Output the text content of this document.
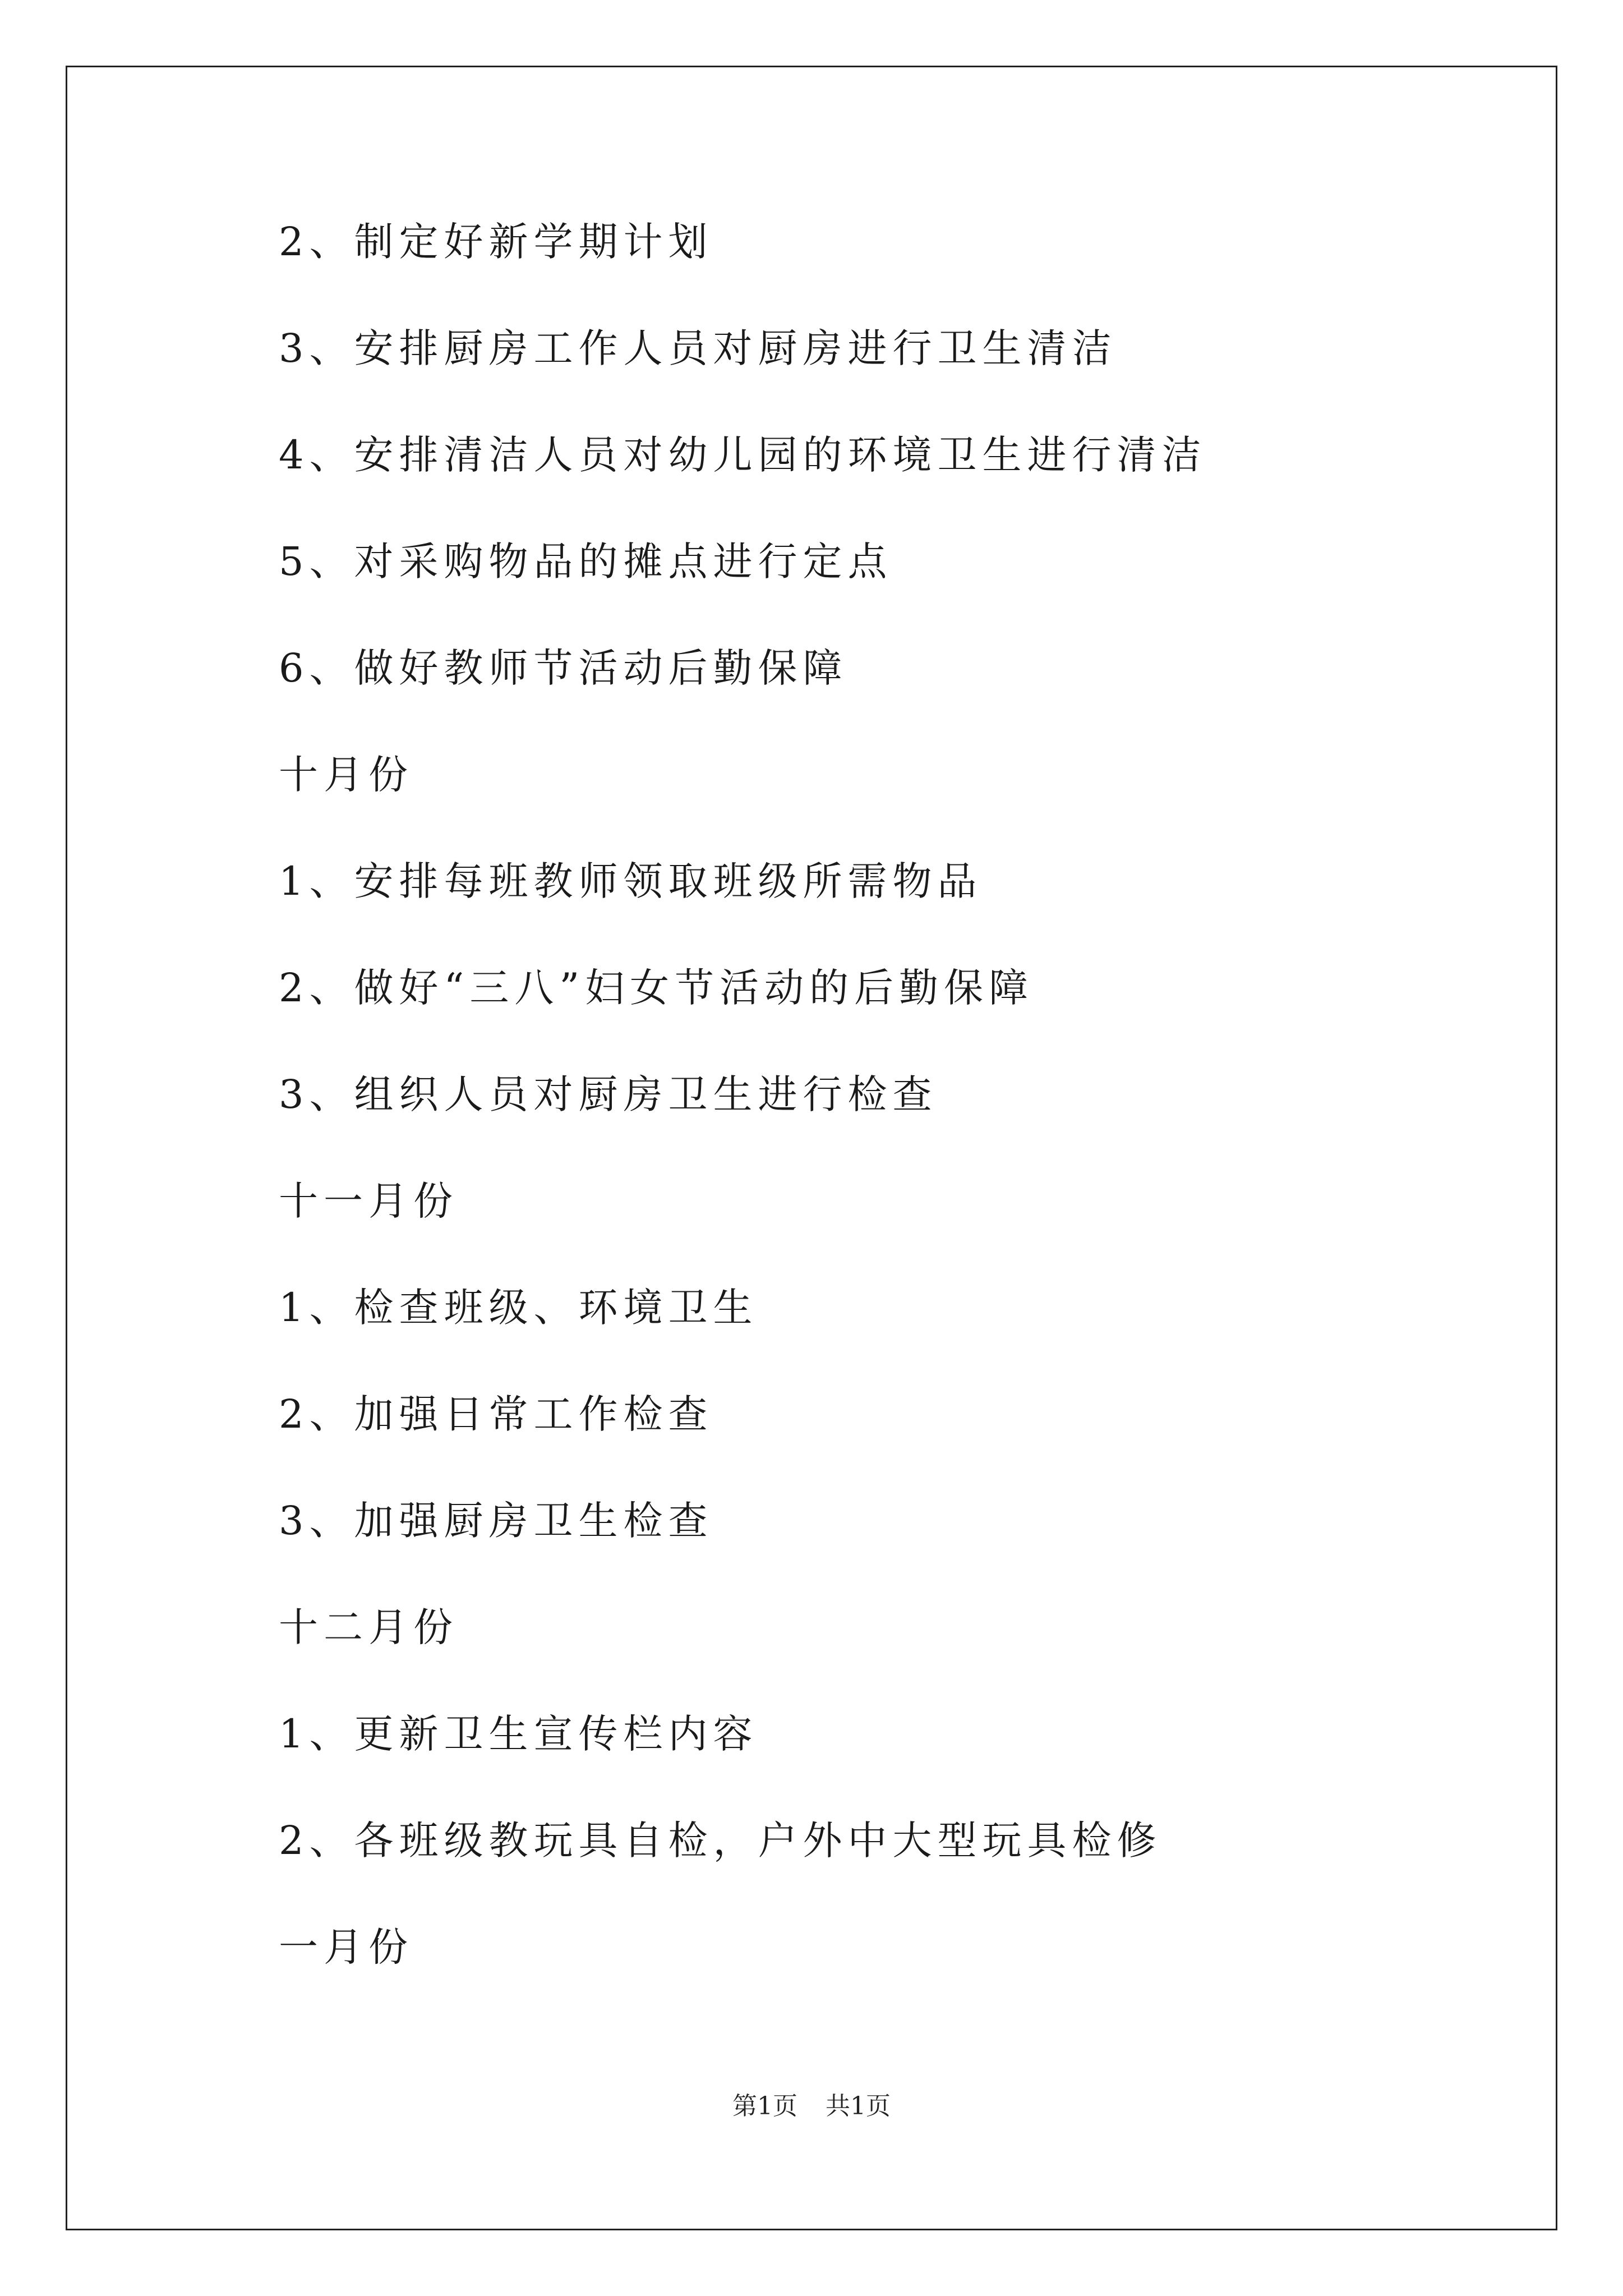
2、制定好新学期计划
3、安排厨房工作人员对厨房进行卫生清洁
4、安排清洁人员对幼儿园的环境卫生进行清洁
5、对采购物品的摊点进行定点
6、做好教师节活动后勤保障
十月份
1、安排每班教师领取班级所需物品
2、做好“三八”妇女节活动的后勤保障
3、组织人员对厨房卫生进行检查
十一月份
1、检查班级、环境卫生
2、加强日常工作检查
3、加强厨房卫生检查
十二月份
1、更新卫生宣传栏内容
2、各班级教玩具自检，户外中大型玩具检修
一月份
第1页 共1页
